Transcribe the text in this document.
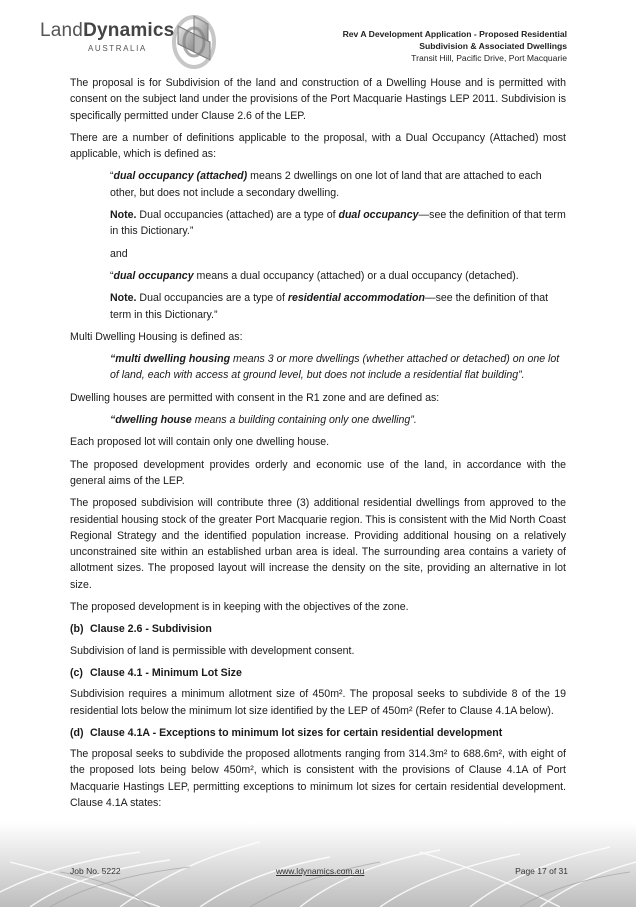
LandDynamics
AUSTRALIA
Rev A Development Application - Proposed Residential
Subdivision & Associated Dwellings
Transit Hill, Pacific Drive, Port Macquarie

The proposal is for Subdivision of the land and construction of a Dwelling House and is permitted with consent on the subject land under the provisions of the Port Macquarie Hastings LEP 2011. Subdivision is specifically permitted under Clause 2.6 of the LEP.

There are a number of definitions applicable to the proposal, with a Dual Occupancy (Attached) most applicable, which is defined as:

“dual occupancy (attached) means 2 dwellings on one lot of land that are attached to each other, but does not include a secondary dwelling.

Note. Dual occupancies (attached) are a type of dual occupancy—see the definition of that term in this Dictionary.”

and

“dual occupancy means a dual occupancy (attached) or a dual occupancy (detached).

Note. Dual occupancies are a type of residential accommodation—see the definition of that term in this Dictionary.”

Multi Dwelling Housing is defined as:

“multi dwelling housing means 3 or more dwellings (whether attached or detached) on one lot of land, each with access at ground level, but does not include a residential flat building”.

Dwelling houses are permitted with consent in the R1 zone and are defined as:

“dwelling house means a building containing only one dwelling”.

Each proposed lot will contain only one dwelling house.

The proposed development provides orderly and economic use of the land, in accordance with the general aims of the LEP.

The proposed subdivision will contribute three (3) additional residential dwellings from approved to the residential housing stock of the greater Port Macquarie region. This is consistent with the Mid North Coast Regional Strategy and the identified population increase. Providing additional housing on a relatively unconstrained site within an established urban area is ideal. The surrounding area contains a variety of allotment sizes. The proposed layout will increase the density on the site, providing an alternative in lot size.

The proposed development is in keeping with the objectives of the zone.

(b) Clause 2.6 - Subdivision

Subdivision of land is permissible with development consent.

(c) Clause 4.1 - Minimum Lot Size

Subdivision requires a minimum allotment size of 450m². The proposal seeks to subdivide 8 of the 19 residential lots below the minimum lot size identified by the LEP of 450m² (Refer to Clause 4.1A below).

(d) Clause 4.1A - Exceptions to minimum lot sizes for certain residential development

The proposal seeks to subdivide the proposed allotments ranging from 314.3m² to 688.6m², with eight of the proposed lots being below 450m², which is consistent with the provisions of Clause 4.1A of Port Macquarie Hastings LEP, permitting exceptions to minimum lot sizes for certain residential development. Clause 4.1A states:

Job No. 5222	www.ldynamics.com.au	Page 17 of 31
